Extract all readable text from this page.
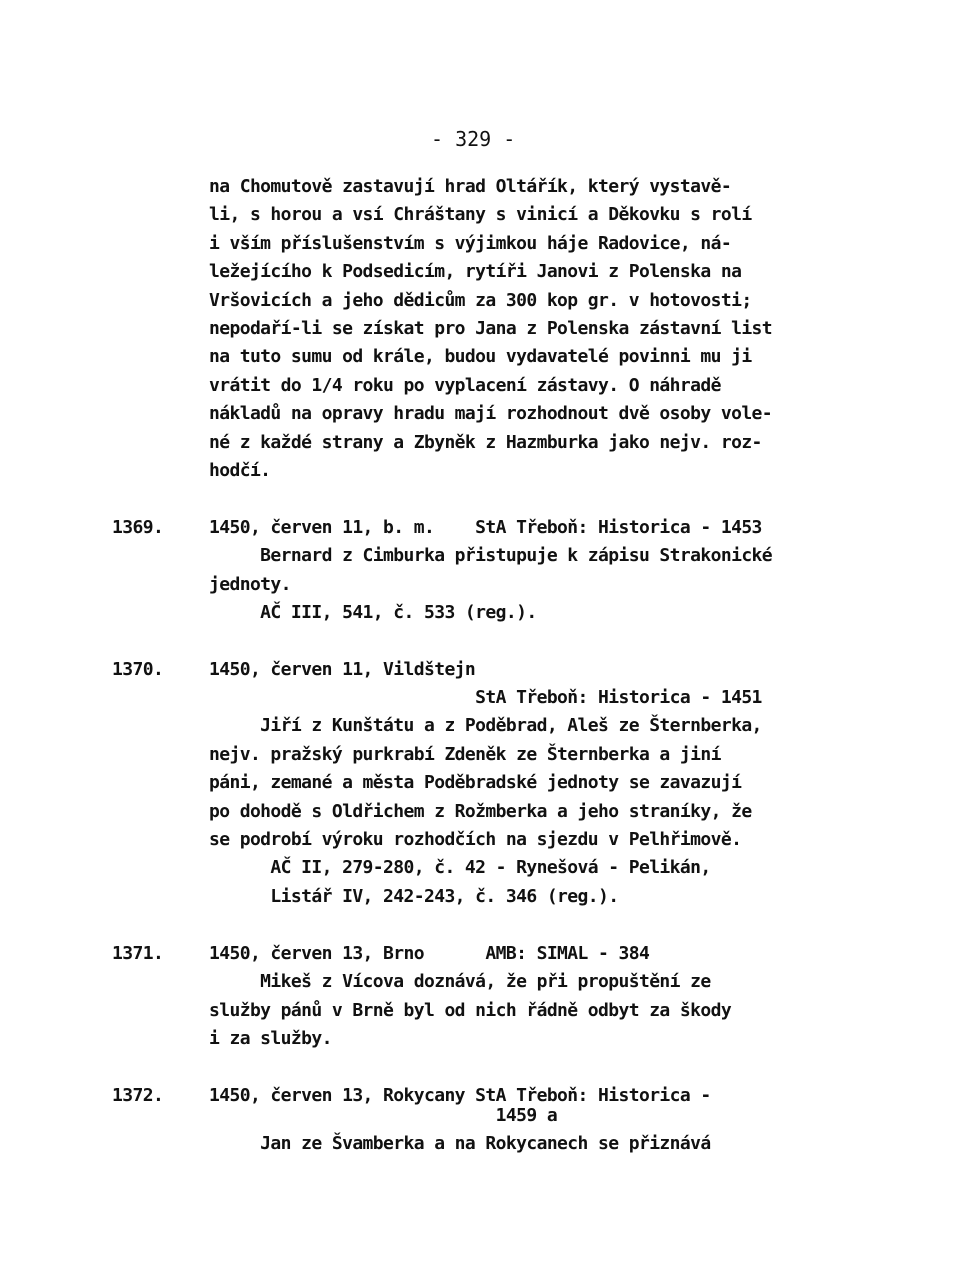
- 329 -
na Chomutově zastavují hrad Oltářík, který vystavě-
li, s horou a vsí Chráštany s vinicí a Děkovku s rolí
i vším příslušenstvím s výjimkou háje Radovice, ná-
ležejícího k Podsedicím, rytíři Janovi z Polenska na
Vršovicích a jeho dědicům za 300 kop gr. v hotovosti;
nepodaří-li se získat pro Jana z Polenska zástavní list
na tuto sumu od krále, budou vydavatelé povinni mu ji
vrátit do 1/4 roku po vyplacení zástavy. O náhradě
nákladů na opravy hradu mají rozhodnout dvě osoby vole-
né z každé strany a Zbyněk z Hazmburka jako nejv. roz-
hodčí.
1369.	1450, červen 11, b. m.    StA Třeboň: Historica - 1453
Bernard z Cimburka přistupuje k zápisu Strakonické
jednoty.
AČ III, 541, č. 533 (reg.).
1370.	1450, červen 11, Vildštejn
StA Třeboň: Historica - 1451
Jiří z Kunštátu a z Poděbrad, Aleš ze Šternberka,
nejv. pražský purkrabí Zdeněk ze Šternberka a jiní
páni, zemané a města Poděbradské jednoty se zavazují
po dohodě s Oldřichem z Rožmberka a jeho straníky, že
se podrobí výroku rozhodčích na sjezdu v Pelhřimově.
AČ II, 279-280, č. 42 - Rynešová - Pelikán,
Listář IV, 242-243, č. 346 (reg.).
1371.	1450, červen 13, Brno      AMB: SIMAL - 384
Mikeš z Vícova doznává, že při propuštění ze
služby pánů v Brně byl od nich řádně odbyt za škody
i za služby.
1372.	1450, červen 13, Rokycany StA Třeboň: Historica -
1459 a
Jan ze Švamberka a na Rokycanech se přiznává
